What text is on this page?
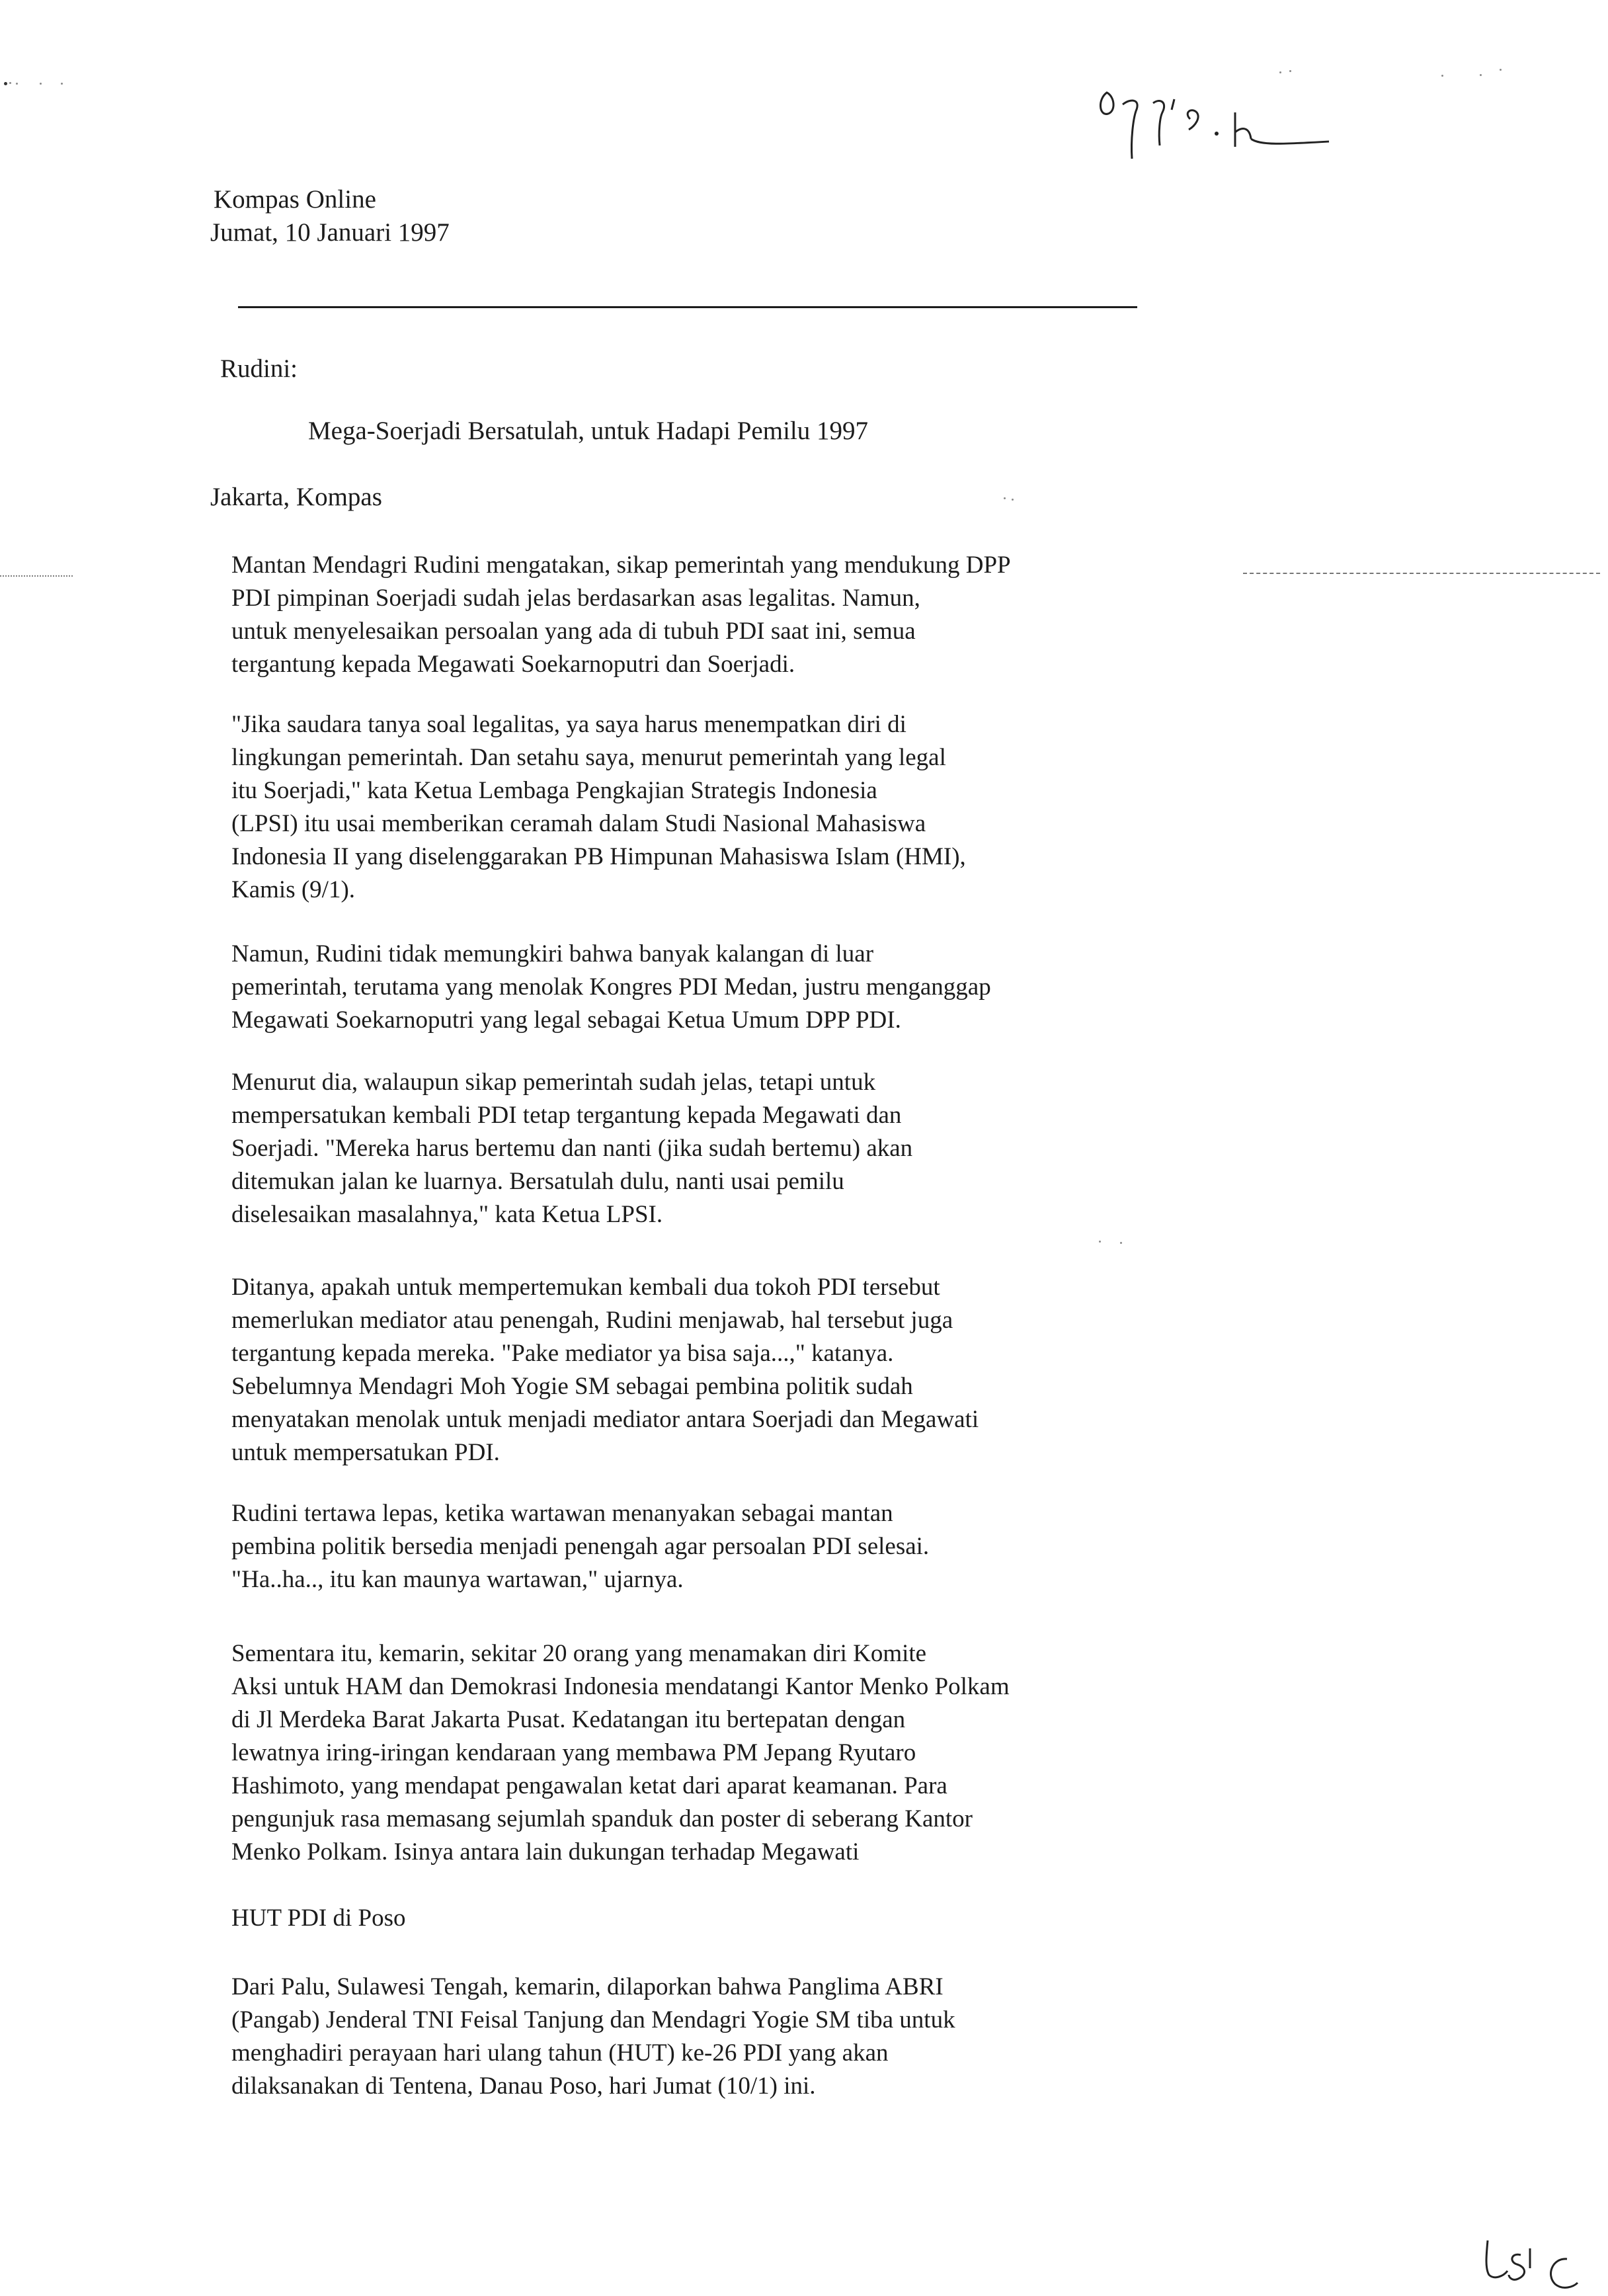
Kompas Online
Jumat, 10 Januari 1997
Rudini:
Mega-Soerjadi Bersatulah, untuk Hadapi Pemilu 1997
Jakarta, Kompas
Mantan Mendagri Rudini mengatakan, sikap pemerintah yang mendukung DPP
PDI pimpinan Soerjadi sudah jelas berdasarkan asas legalitas. Namun,
untuk menyelesaikan persoalan yang ada di tubuh PDI saat ini, semua
tergantung kepada Megawati Soekarnoputri dan Soerjadi.
"Jika saudara tanya soal legalitas, ya saya harus menempatkan diri di
lingkungan pemerintah. Dan setahu saya, menurut pemerintah yang legal
itu Soerjadi," kata Ketua Lembaga Pengkajian Strategis Indonesia
(LPSI) itu usai memberikan ceramah dalam Studi Nasional Mahasiswa
Indonesia II yang diselenggarakan PB Himpunan Mahasiswa Islam (HMI),
Kamis (9/1).
Namun, Rudini tidak memungkiri bahwa banyak kalangan di luar
pemerintah, terutama yang menolak Kongres PDI Medan, justru menganggap
Megawati Soekarnoputri yang legal sebagai Ketua Umum DPP PDI.
Menurut dia, walaupun sikap pemerintah sudah jelas, tetapi untuk
mempersatukan kembali PDI tetap tergantung kepada Megawati dan
Soerjadi. "Mereka harus bertemu dan nanti (jika sudah bertemu) akan
ditemukan jalan ke luarnya. Bersatulah dulu, nanti usai pemilu
diselesaikan masalahnya," kata Ketua LPSI.
Ditanya, apakah untuk mempertemukan kembali dua tokoh PDI tersebut
memerlukan mediator atau penengah, Rudini menjawab, hal tersebut juga
tergantung kepada mereka. "Pake mediator ya bisa saja...," katanya.
Sebelumnya Mendagri Moh Yogie SM sebagai pembina politik sudah
menyatakan menolak untuk menjadi mediator antara Soerjadi dan Megawati
untuk mempersatukan PDI.
Rudini tertawa lepas, ketika wartawan menanyakan sebagai mantan
pembina politik bersedia menjadi penengah agar persoalan PDI selesai.
"Ha..ha.., itu kan maunya wartawan," ujarnya.
Sementara itu, kemarin, sekitar 20 orang yang menamakan diri Komite
Aksi untuk HAM dan Demokrasi Indonesia mendatangi Kantor Menko Polkam
di Jl Merdeka Barat Jakarta Pusat. Kedatangan itu bertepatan dengan
lewatnya iring-iringan kendaraan yang membawa PM Jepang Ryutaro
Hashimoto, yang mendapat pengawalan ketat dari aparat keamanan. Para
pengunjuk rasa memasang sejumlah spanduk dan poster di seberang Kantor
Menko Polkam. Isinya antara lain dukungan terhadap Megawati
HUT PDI di Poso
Dari Palu, Sulawesi Tengah, kemarin, dilaporkan bahwa Panglima ABRI
(Pangab) Jenderal TNI Feisal Tanjung dan Mendagri Yogie SM tiba untuk
menghadiri perayaan hari ulang tahun (HUT) ke-26 PDI yang akan
dilaksanakan di Tentena, Danau Poso, hari Jumat (10/1) ini.
